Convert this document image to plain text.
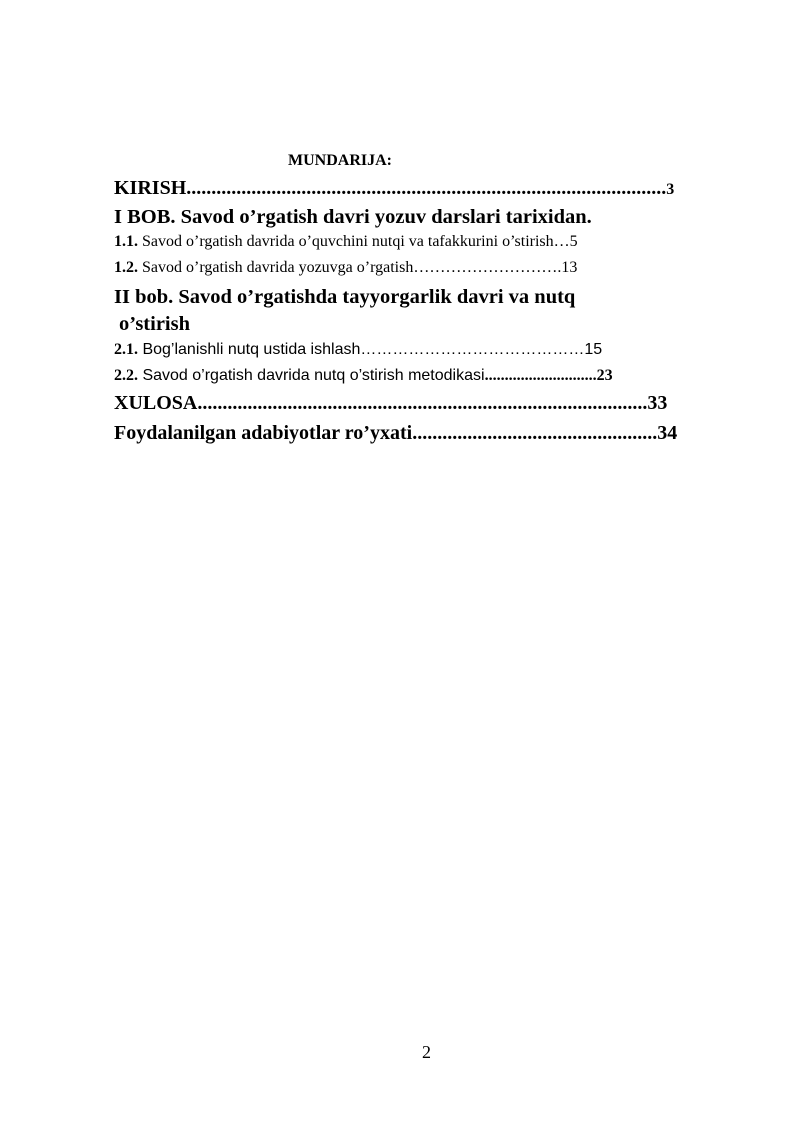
MUNDARIJA:
KIRISH................................................................................................3
I BOB. Savod o’rgatish davri yozuv darslari tarixidan.
1.1. Savod o’rgatish davrida o’quvchini nutqi va tafakkurini o’stirish…5
1.2. Savod o’rgatish davrida yozuvga o’rgatish……………………….13
II bob. Savod o’rgatishda tayyorgarlik davri va nutq
o’stirish
2.1. Bog’lanishli nutq ustida ishlash……………………………………15
2.2. Savod o’rgatish davrida nutq o’stirish metodikasi............................23
XULOSA..........................................................................................33
Foydalanilgan adabiyotlar ro’yxati.................................................34
2
